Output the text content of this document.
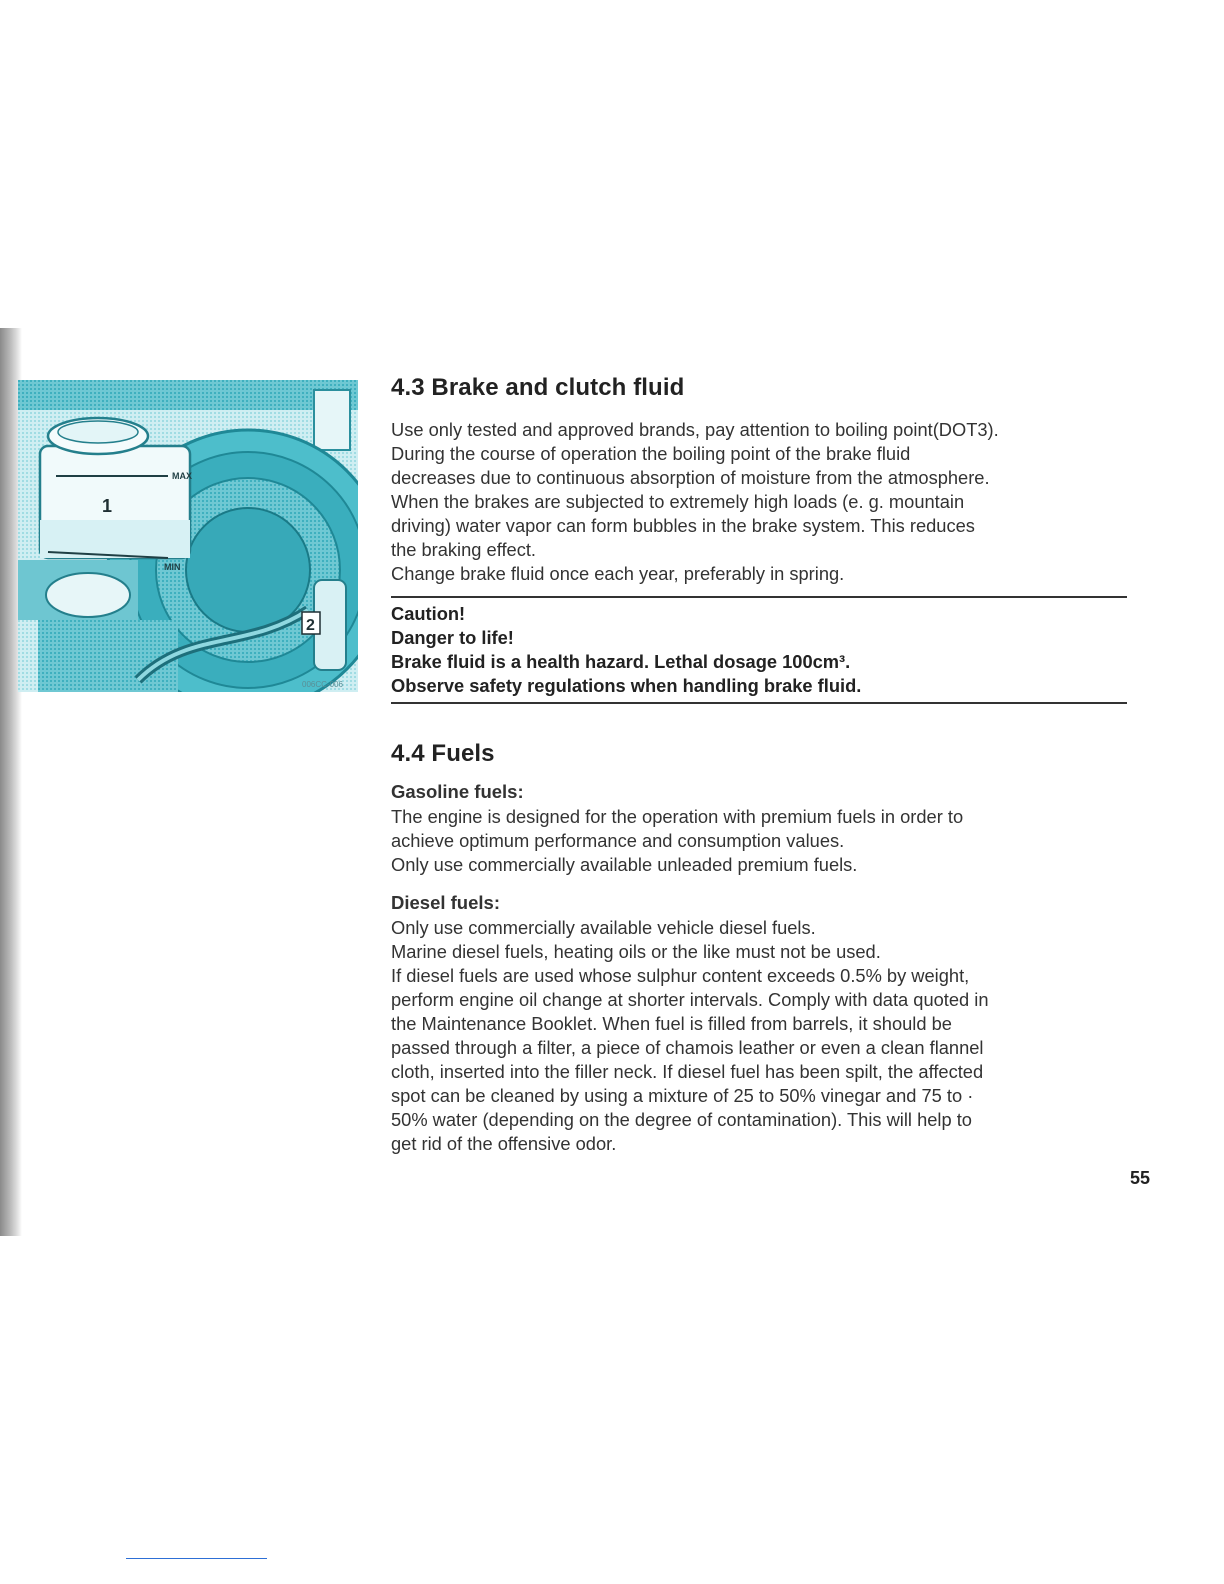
MAX
MIN
1
2
006CC-006
4.3 Brake and clutch fluid

Use only tested and approved brands, pay attention to boiling point(DOT3).

During the course of operation the boiling point of the brake fluid

decreases due to continuous absorption of moisture from the atmosphere.

When the brakes are subjected to extremely high loads (e. g. mountain

driving) water vapor can form bubbles in the brake system. This reduces

the braking effect.

Change brake fluid once each year, preferably in spring.

Caution!

Danger to life!

Brake fluid is a health hazard. Lethal dosage 100cm³.

Observe safety regulations when handling brake fluid.

4.4 Fuels
Gasoline fuels:

The engine is designed for the operation with premium fuels in order to

achieve optimum performance and consumption values.

Only use commercially available unleaded premium fuels.

Diesel fuels:

Only use commercially available vehicle diesel fuels.

Marine diesel fuels, heating oils or the like must not be used.

If diesel fuels are used whose sulphur content exceeds 0.5% by weight,

perform engine oil change at shorter intervals. Comply with data quoted in

the Maintenance Booklet. When fuel is filled from barrels, it should be

passed through a filter, a piece of chamois leather or even a clean flannel

cloth, inserted into the filler neck. If diesel fuel has been spilt, the affected

spot can be cleaned by using a mixture of 25 to 50% vinegar and 75 to ·

50% water (depending on the degree of contamination). This will help to

get rid of the offensive odor.

55
